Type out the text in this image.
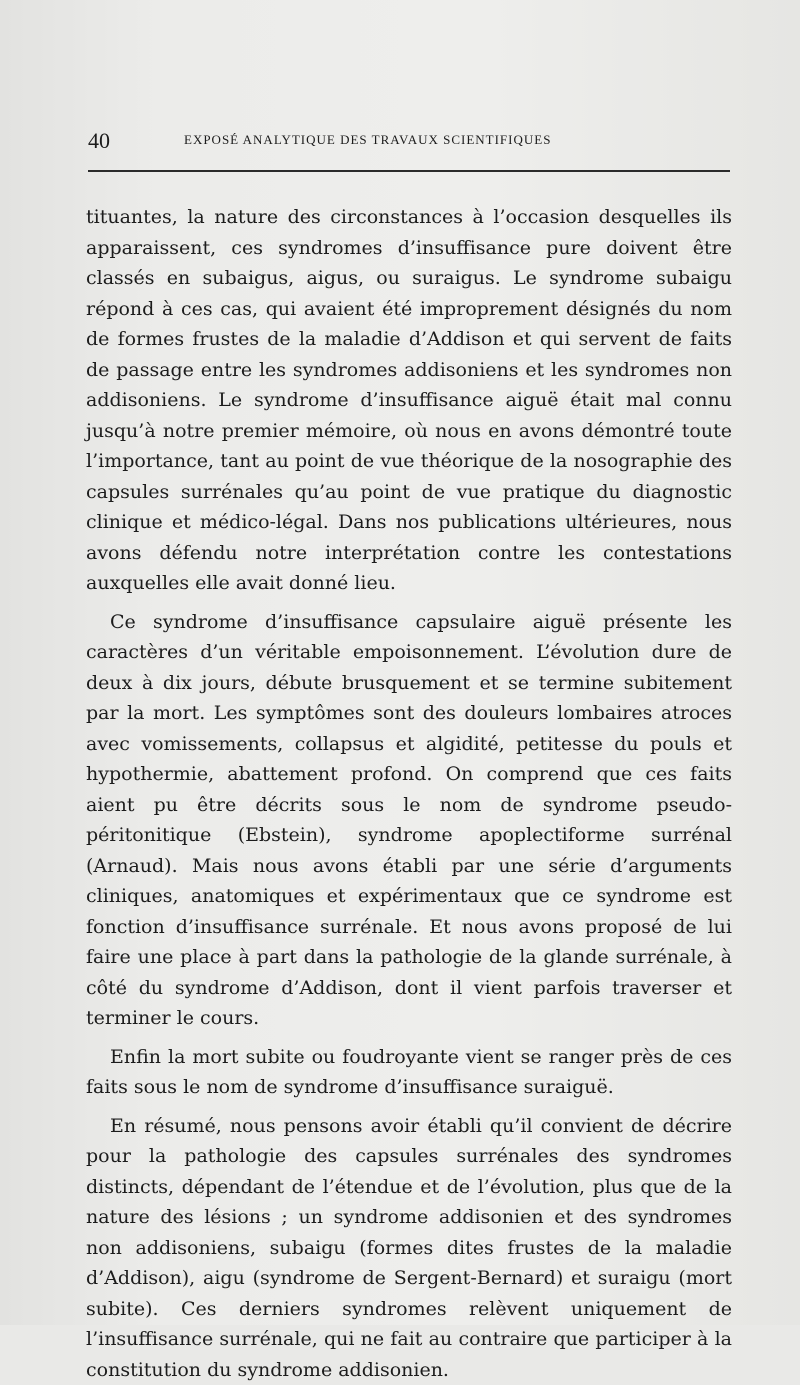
40	EXPOSÉ ANALYTIQUE DES TRAVAUX SCIENTIFIQUES

tituantes, la nature des circonstances à l’occasion desquelles ils apparaissent, ces syndromes d’insuffisance pure doivent être classés en subaigus, aigus, ou suraigus. Le syndrome subaigu répond à ces cas, qui avaient été improprement désignés du nom de formes frustes de la maladie d’Addison et qui servent de faits de passage entre les syndromes addisoniens et les syndromes non addisoniens. Le syndrome d’insuffisance aiguë était mal connu jusqu’à notre premier mémoire, où nous en avons démontré toute l’importance, tant au point de vue théorique de la nosographie des capsules surrénales qu’au point de vue pratique du diagnostic clinique et médico-légal. Dans nos publications ultérieures, nous avons défendu notre interprétation contre les contestations auxquelles elle avait donné lieu.

Ce syndrome d’insuffisance capsulaire aiguë présente les caractères d’un véritable empoisonnement. L’évolution dure de deux à dix jours, débute brusquement et se termine subitement par la mort. Les symptômes sont des douleurs lombaires atroces avec vomissements, collapsus et algidité, petitesse du pouls et hypothermie, abattement profond. On comprend que ces faits aient pu être décrits sous le nom de syndrome pseudo-péritonitique (Ebstein), syndrome apoplectiforme surrénal (Arnaud). Mais nous avons établi par une série d’arguments cliniques, anatomiques et expérimentaux que ce syndrome est fonction d’insuffisance surrénale. Et nous avons proposé de lui faire une place à part dans la pathologie de la glande surrénale, à côté du syndrome d’Addison, dont il vient parfois traverser et terminer le cours.

Enfin la mort subite ou foudroyante vient se ranger près de ces faits sous le nom de syndrome d’insuffisance suraiguë.

En résumé, nous pensons avoir établi qu’il convient de décrire pour la pathologie des capsules surrénales des syndromes distincts, dépendant de l’étendue et de l’évolution, plus que de la nature des lésions ; un syndrome addisonien et des syndromes non addisoniens, subaigu (formes dites frustes de la maladie d’Addison), aigu (syndrome de Sergent-Bernard) et suraigu (mort subite). Ces derniers syndromes relèvent uniquement de l’insuffisance surrénale, qui ne fait au contraire que participer à la constitution du syndrome addisonien.
